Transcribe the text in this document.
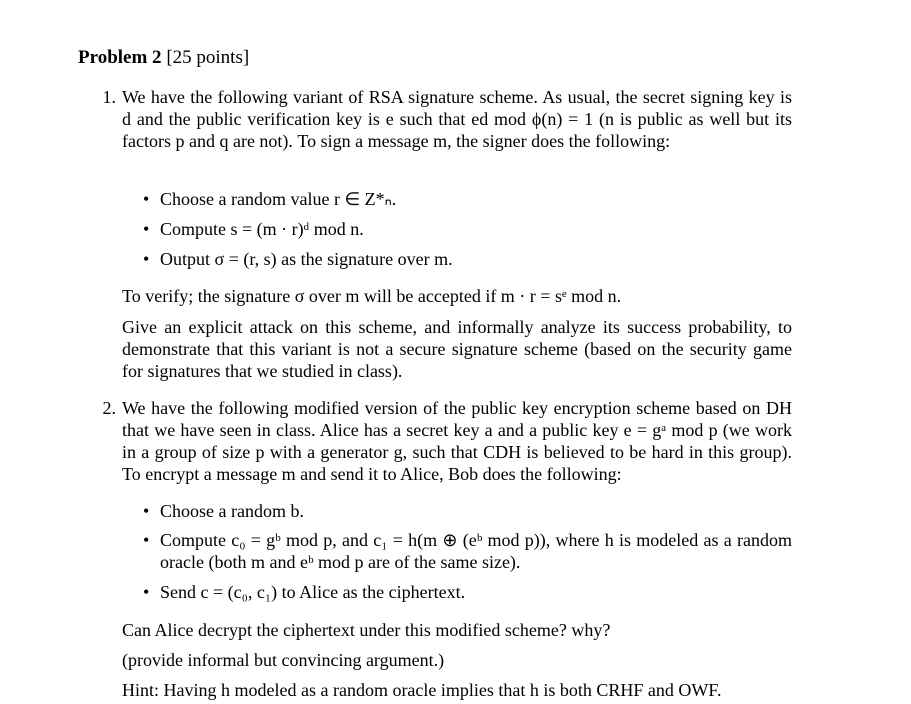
Problem 2 [25 points]
1. We have the following variant of RSA signature scheme. As usual, the secret signing key is d and the public verification key is e such that ed mod ϕ(n) = 1 (n is public as well but its factors p and q are not). To sign a message m, the signer does the following:
• Choose a random value r ∈ Z*ₙ.
• Compute s = (m · r)ᵈ mod n.
• Output σ = (r, s) as the signature over m.
To verify; the signature σ over m will be accepted if m · r = sᵉ mod n.
Give an explicit attack on this scheme, and informally analyze its success probability, to demonstrate that this variant is not a secure signature scheme (based on the security game for signatures that we studied in class).
2. We have the following modified version of the public key encryption scheme based on DH that we have seen in class. Alice has a secret key a and a public key e = gᵃ mod p (we work in a group of size p with a generator g, such that CDH is believed to be hard in this group). To encrypt a message m and send it to Alice, Bob does the following:
• Choose a random b.
• Compute c₀ = gᵇ mod p, and c₁ = h(m ⊕ (eᵇ mod p)), where h is modeled as a random oracle (both m and eᵇ mod p are of the same size).
• Send c = (c₀, c₁) to Alice as the ciphertext.
Can Alice decrypt the ciphertext under this modified scheme? why?
(provide informal but convincing argument.)
Hint: Having h modeled as a random oracle implies that h is both CRHF and OWF.
